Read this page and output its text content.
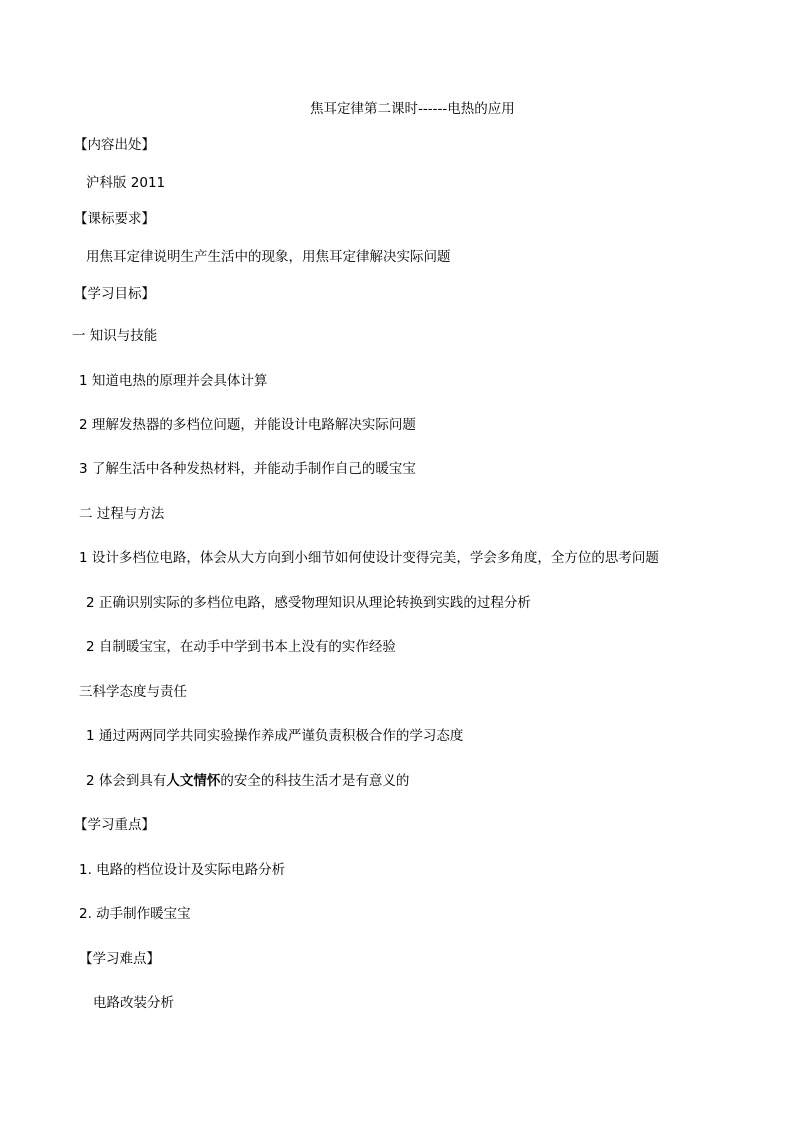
焦耳定律第二课时------电热的应用
【内容出处】
沪科版 2011
【课标要求】
用焦耳定律说明生产生活中的现象，用焦耳定律解决实际问题
【学习目标】
一 知识与技能
1 知道电热的原理并会具体计算
2 理解发热器的多档位问题，并能设计电路解决实际问题
3 了解生活中各种发热材料，并能动手制作自己的暖宝宝
二 过程与方法
1 设计多档位电路，体会从大方向到小细节如何使设计变得完美，学会多角度，全方位的思考问题
2 正确识别实际的多档位电路，感受物理知识从理论转换到实践的过程分析
2 自制暖宝宝，在动手中学到书本上没有的实作经验
三科学态度与责任
1 通过两两同学共同实验操作养成严谨负责积极合作的学习态度
2 体会到具有人文情怀的安全的科技生活才是有意义的
【学习重点】
1. 电路的档位设计及实际电路分析
2. 动手制作暖宝宝
【学习难点】
电路改装分析
